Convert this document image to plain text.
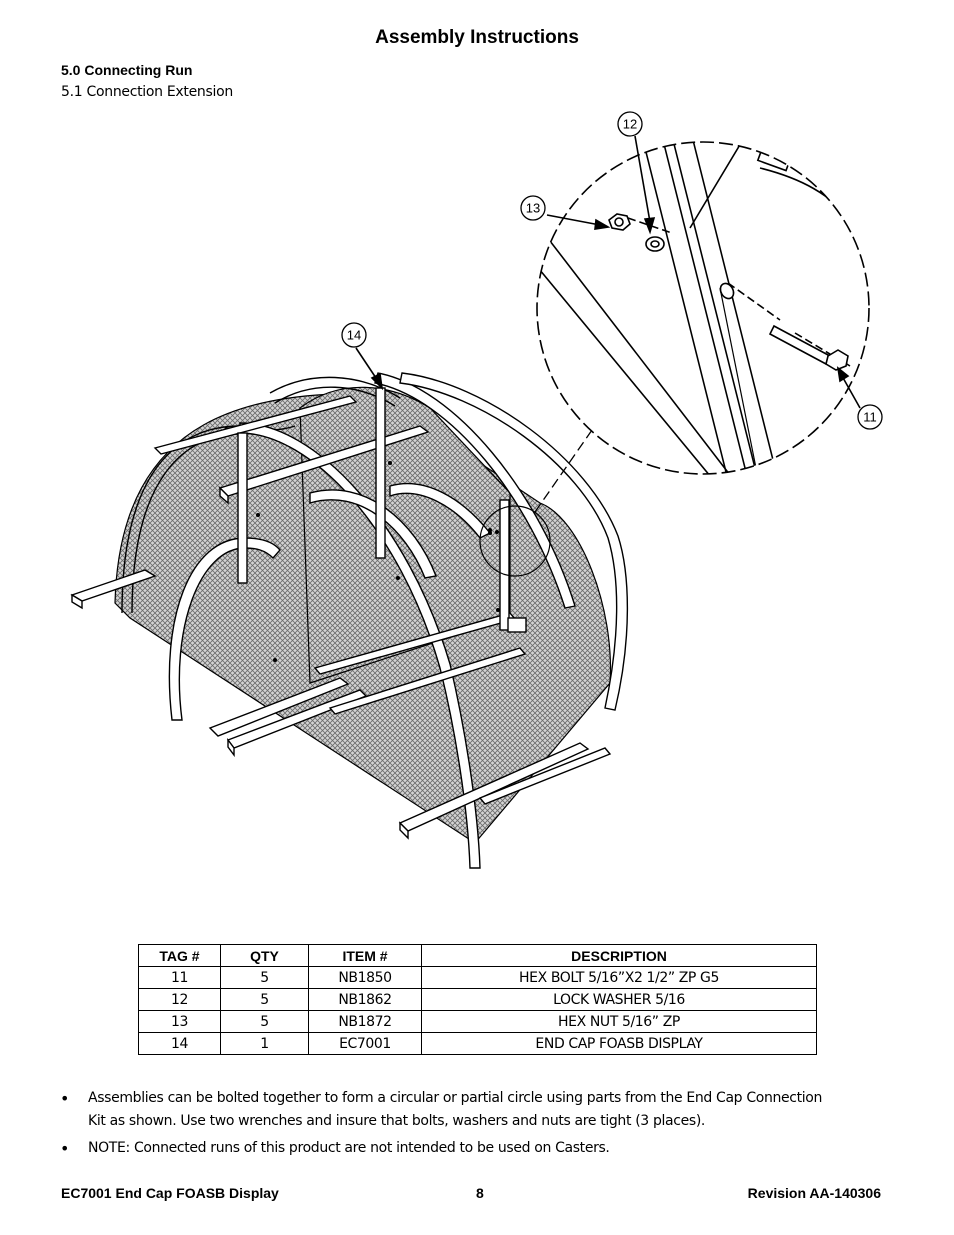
Assembly Instructions
5.0 Connecting Run
5.1 Connection Extension
12
13
14
11
TAG #	QTY	ITEM #	DESCRIPTION
11	5	NB1850	HEX BOLT 5/16”X2 1/2” ZP G5
12	5	NB1862	LOCK WASHER 5/16
13	5	NB1872	HEX NUT 5/16” ZP
14	1	EC7001	END CAP FOASB DISPLAY
• Assemblies can be bolted together to form a circular or partial circle using parts from the End Cap Connection
Kit as shown. Use two wrenches and insure that bolts, washers and nuts are tight (3 places).
• NOTE: Connected runs of this product are not intended to be used on Casters.
EC7001 End Cap FOASB Display	8	Revision AA-140306
